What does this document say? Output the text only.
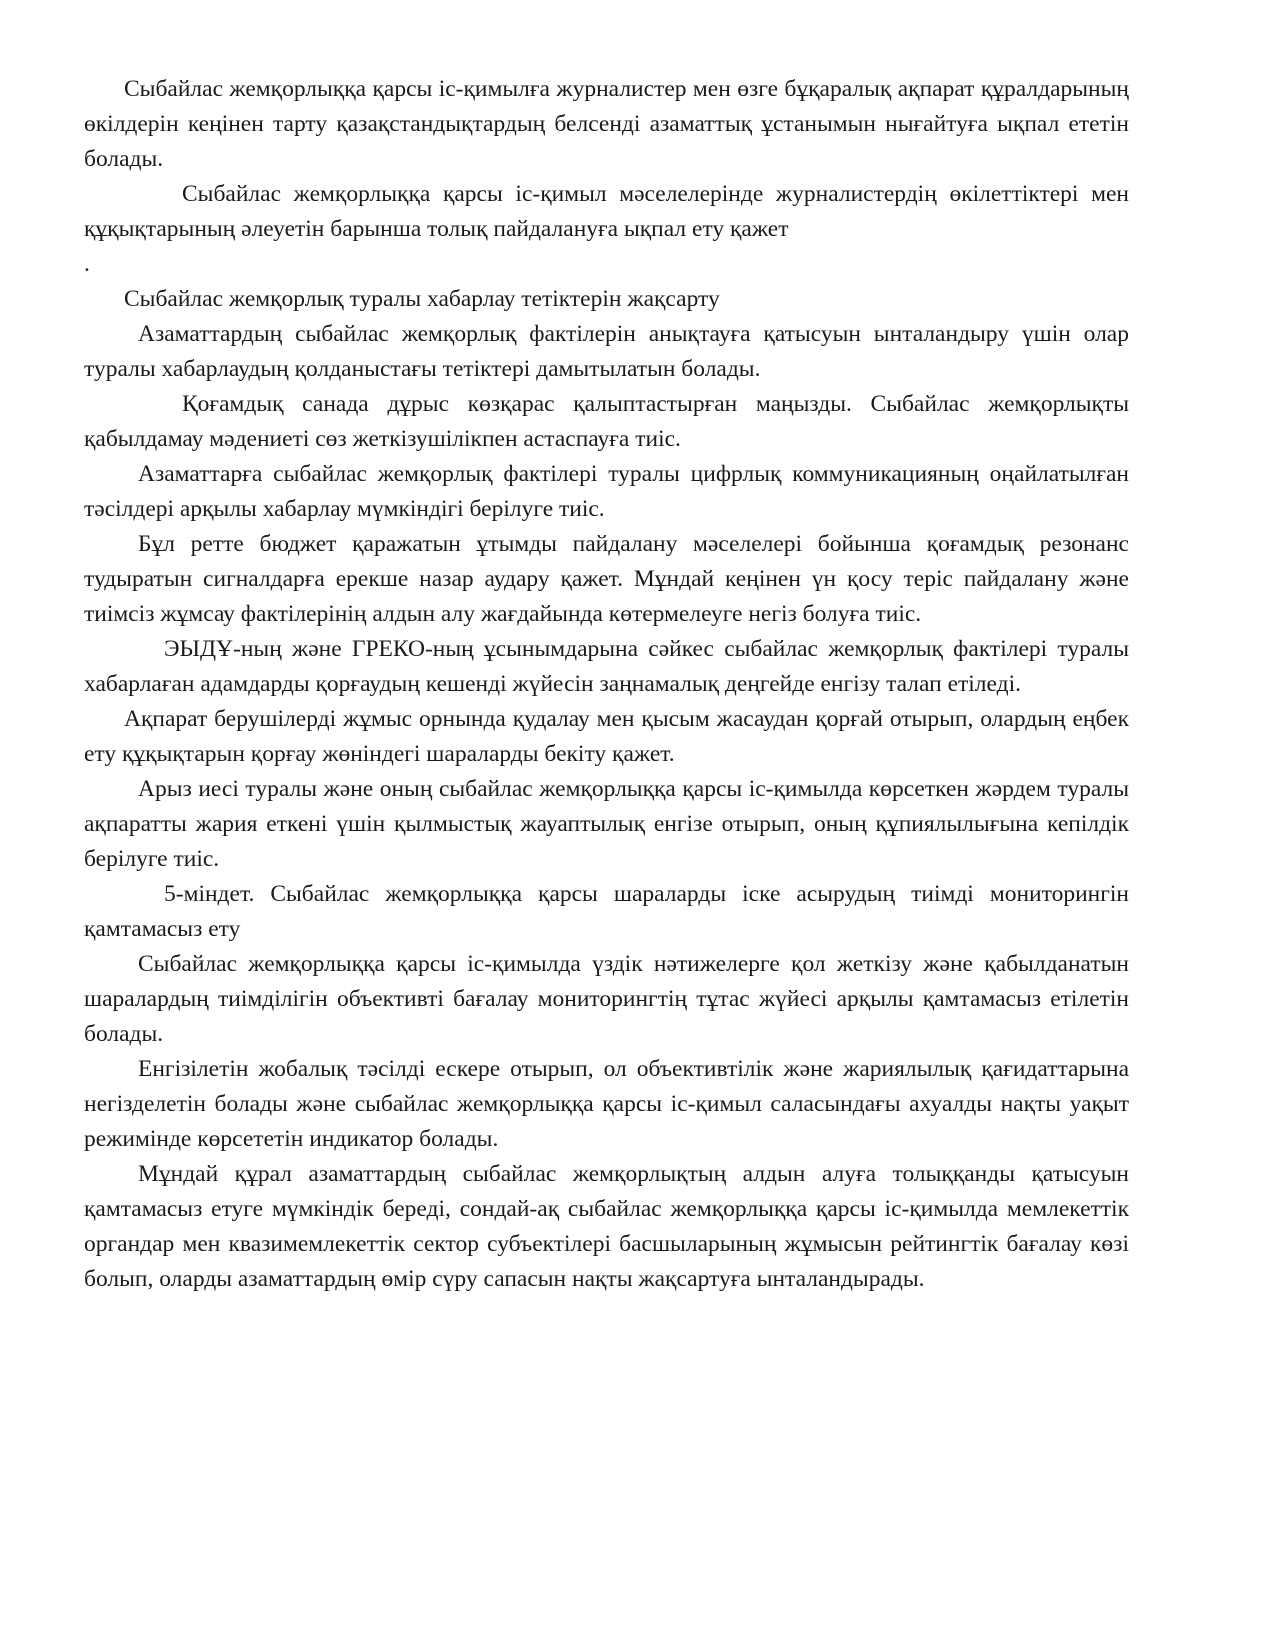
Сыбайлас жемқорлыққа қарсы іс-қимылға журналистер мен өзге бұқаралық ақпарат құралдарының өкілдерін кеңінен тарту қазақстандықтардың белсенді азаматтық ұстанымын нығайтуға ықпал ететін болады.

Сыбайлас жемқорлыққа қарсы іс-қимыл мәселелерінде журналистердің өкілеттіктері мен құқықтарының әлеуетін барынша толық пайдалануға ықпал ету қажет

.

Сыбайлас жемқорлық туралы хабарлау тетіктерін жақсарту

Азаматтардың сыбайлас жемқорлық фактілерін анықтауға қатысуын ынталандыру үшін олар туралы хабарлаудың қолданыстағы тетіктері дамытылатын болады.

Қоғамдық санада дұрыс көзқарас қалыптастырған маңызды. Сыбайлас жемқорлықты қабылдамау мәдениеті сөз жеткізушілікпен астаспауға тиіс.

Азаматтарға сыбайлас жемқорлық фактілері туралы цифрлық коммуникацияның оңайлатылған тәсілдері арқылы хабарлау мүмкіндігі берілуге тиіс.

Бұл ретте бюджет қаражатын ұтымды пайдалану мәселелері бойынша қоғамдық резонанс тудыратын сигналдарға ерекше назар аудару қажет. Мұндай кеңінен үн қосу теріс пайдалану және тиімсіз жұмсау фактілерінің алдын алу жағдайында көтермелеуге негіз болуға тиіс.

ЭЫДҰ-ның және ГРЕКО-ның ұсынымдарына сәйкес сыбайлас жемқорлық фактілері туралы хабарлаған адамдарды қорғаудың кешенді жүйесін заңнамалық деңгейде енгізу талап етіледі.

Ақпарат берушілерді жұмыс орнында қудалау мен қысым жасаудан қорғай отырып, олардың еңбек ету құқықтарын қорғау жөніндегі шараларды бекіту қажет.

Арыз иесі туралы және оның сыбайлас жемқорлыққа қарсы іс-қимылда көрсеткен жәрдем туралы ақпаратты жария еткені үшін қылмыстық жауаптылық енгізе отырып, оның құпиялылығына кепілдік берілуге тиіс.

5-міндет. Сыбайлас жемқорлыққа қарсы шараларды іске асырудың тиімді мониторингін қамтамасыз ету

Сыбайлас жемқорлыққа қарсы іс-қимылда үздік нәтижелерге қол жеткізу және қабылданатын шаралардың тиімділігін объективті бағалау мониторингтің тұтас жүйесі арқылы қамтамасыз етілетін болады.

Енгізілетін жобалық тәсілді ескере отырып, ол объективтілік және жариялылық қағидаттарына негізделетін болады және сыбайлас жемқорлыққа қарсы іс-қимыл саласындағы ахуалды нақты уақыт режимінде көрсететін индикатор болады.

Мұндай құрал азаматтардың сыбайлас жемқорлықтың алдын алуға толыққанды қатысуын қамтамасыз етуге мүмкіндік береді, сондай-ақ сыбайлас жемқорлыққа қарсы іс-қимылда мемлекеттік органдар мен квазимемлекеттік сектор субъектілері басшыларының жұмысын рейтингтік бағалау көзі болып, оларды азаматтардың өмір сүру сапасын нақты жақсартуға ынталандырады.
